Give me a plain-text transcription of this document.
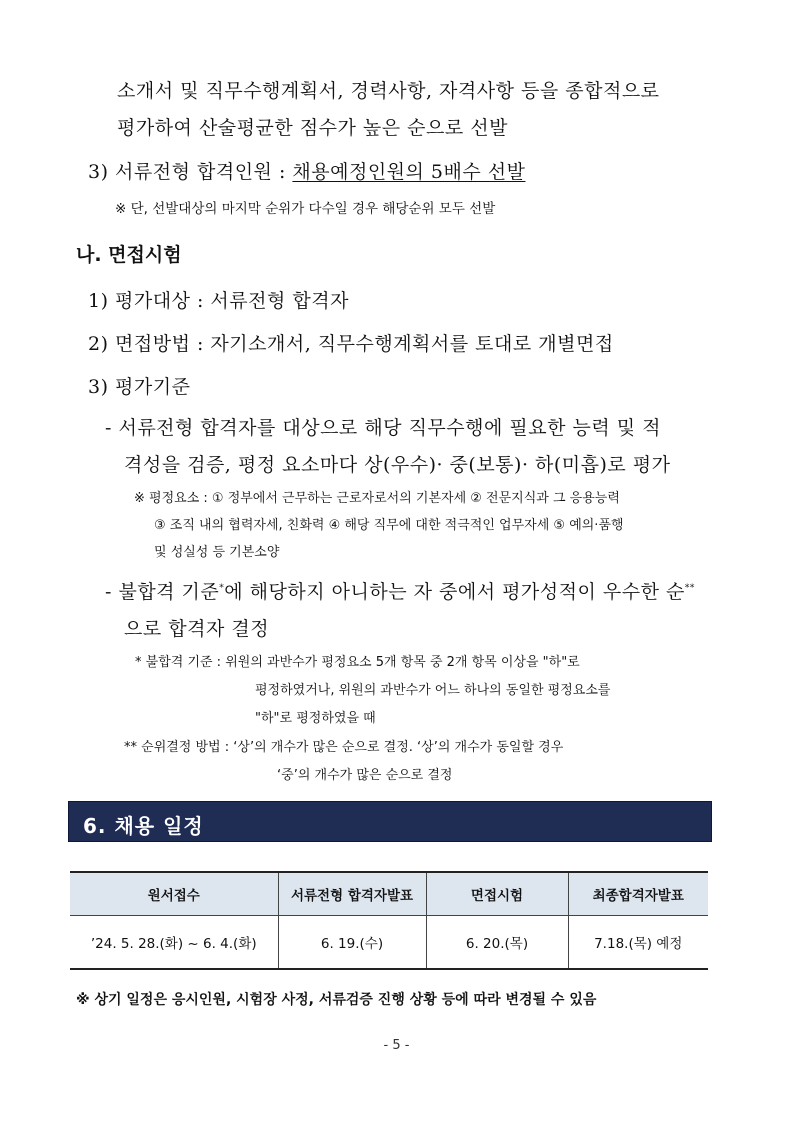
소개서 및 직무수행계획서, 경력사항, 자격사항 등을 종합적으로
평가하여 산술평균한 점수가 높은 순으로 선발
3) 서류전형 합격인원 : 채용예정인원의 5배수 선발
※ 단, 선발대상의 마지막 순위가 다수일 경우 해당순위 모두 선발
나. 면접시험
1) 평가대상 : 서류전형 합격자
2) 면접방법 : 자기소개서, 직무수행계획서를 토대로 개별면접
3) 평가기준
- 서류전형 합격자를 대상으로 해당 직무수행에 필요한 능력 및 적
격성을 검증, 평정 요소마다 상(우수)· 중(보통)· 하(미흡)로 평가
※ 평정요소 : ① 정부에서 근무하는 근로자로서의 기본자세 ② 전문지식과 그 응용능력
③ 조직 내의 협력자세, 친화력 ④ 해당 직무에 대한 적극적인 업무자세 ⑤ 예의·품행
및 성실성 등 기본소양
- 불합격 기준*에 해당하지 아니하는 자 중에서 평가성적이 우수한 순**
으로 합격자 결정
* 불합격 기준 : 위원의 과반수가 평정요소 5개 항목 중 2개 항목 이상을 "하"로
평정하였거나, 위원의 과반수가 어느 하나의 동일한 평정요소를
"하"로 평정하였을 때
** 순위결정 방법 : ‘상’의 개수가 많은 순으로 결정. ‘상’의 개수가 동일할 경우
‘중’의 개수가 많은 순으로 결정
6. 채용 일정
원서접수	서류전형 합격자발표	면접시험	최종합격자발표
’24. 5. 28.(화) ~ 6. 4.(화)	6. 19.(수)	6. 20.(목)	7.18.(목) 예정
※ 상기 일정은 응시인원, 시험장 사정, 서류검증 진행 상황 등에 따라 변경될 수 있음
- 5 -
